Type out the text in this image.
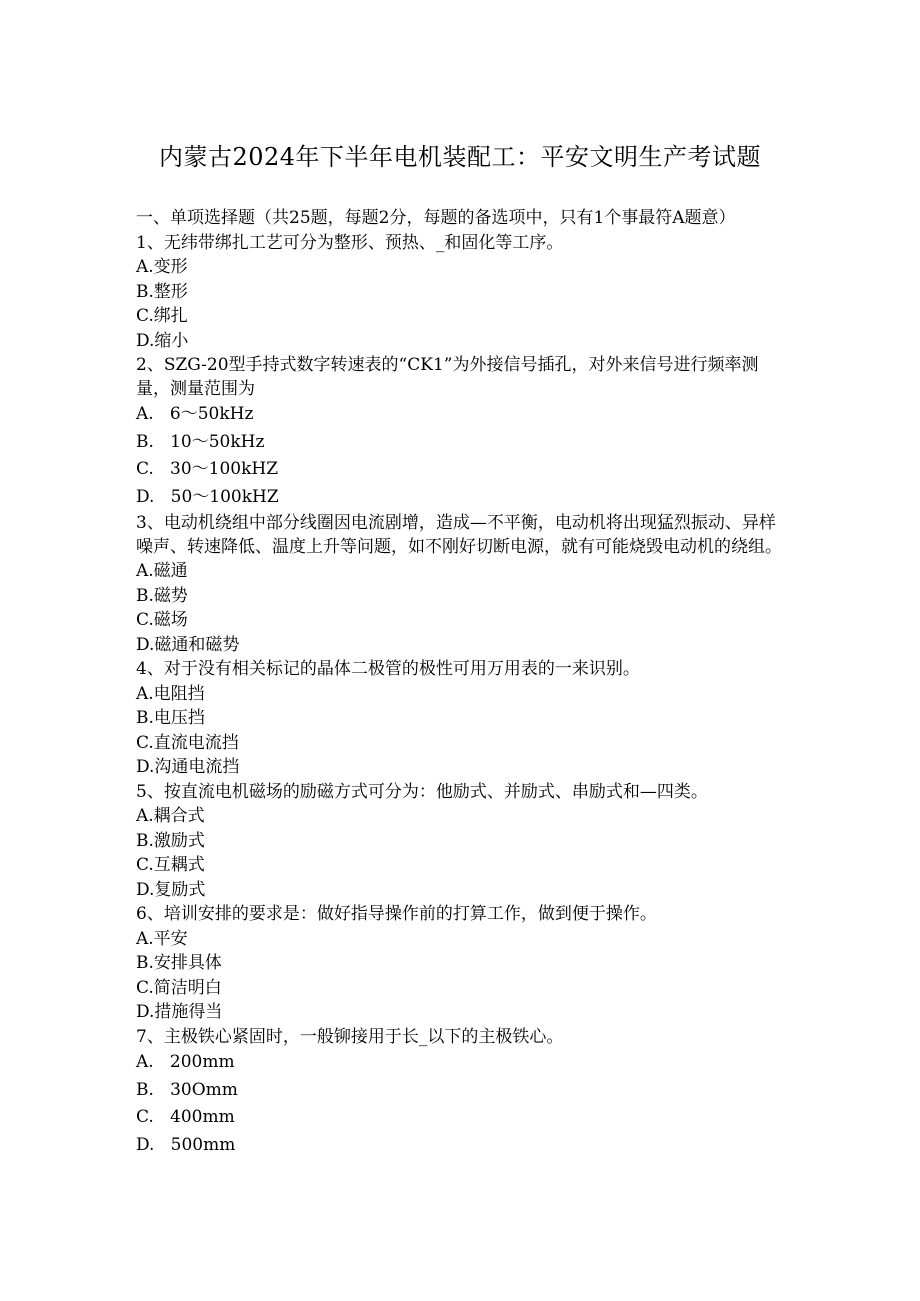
内蒙古2024年下半年电机装配工：平安文明生产考试题
一、单项选择题（共25题，每题2分，每题的备选项中，只有1个事最符A题意）
1、无纬带绑扎工艺可分为整形、预热、_和固化等工序。
A.变形
B.整形
C.绑扎
D.缩小
2、SZG-20型手持式数字转速表的“CK1”为外接信号插孔，对外来信号进行频率测量，测量范围为
A.   6～50kHz
B.   10～50kHz
C.   30～100kHZ
D.   50～100kHZ
3、电动机绕组中部分线圈因电流剧增，造成—不平衡，电动机将出现猛烈振动、异样噪声、转速降低、温度上升等问题，如不刚好切断电源，就有可能烧毁电动机的绕组。
A.磁通
B.磁势
C.磁场
D.磁通和磁势
4、对于没有相关标记的晶体二极管的极性可用万用表的一来识别。
A.电阻挡
B.电压挡
C.直流电流挡
D.沟通电流挡
5、按直流电机磁场的励磁方式可分为：他励式、并励式、串励式和—四类。
A.耦合式
B.激励式
C.互耦式
D.复励式
6、培训安排的要求是：做好指导操作前的打算工作，做到便于操作。
A.平安
B.安排具体
C.简洁明白
D.措施得当
7、主极铁心紧固时，一般铆接用于长_以下的主极铁心。
A.   200mm
B.   30Omm
C.   400mm
D.   500mm
